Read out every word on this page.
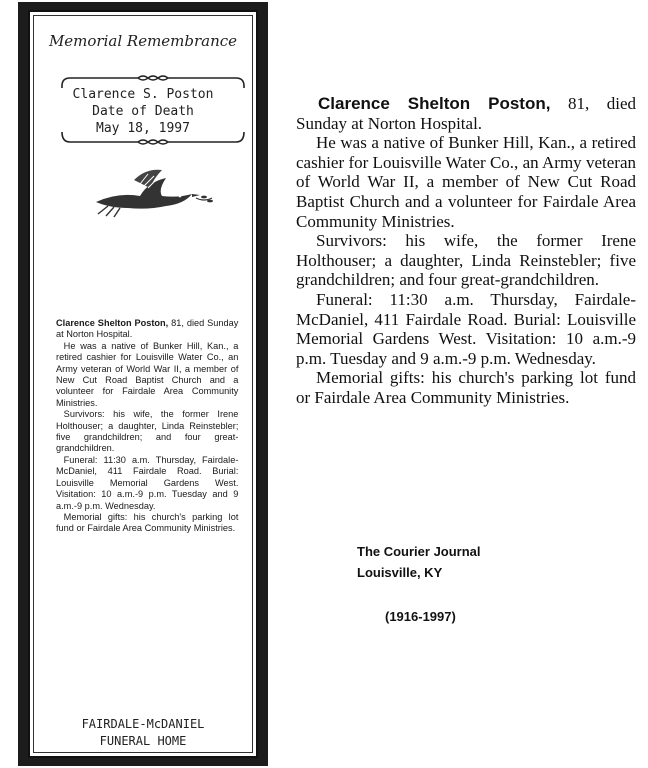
Memorial Remembrance
Clarence S. Poston
Date of Death
May 18, 1997

Clarence Shelton Poston, 81, died Sunday at Norton Hospital.

He was a native of Bunker Hill, Kan., a retired cashier for Louisville Water Co., an Army veteran of World War II, a member of New Cut Road Baptist Church and a volunteer for Fairdale Area Community Ministries.

Survivors: his wife, the former Irene Holthouser; a daughter, Linda Reinstebler; five grandchildren; and four great-grandchildren.

Funeral: 11:30 a.m. Thursday, Fairdale-McDaniel, 411 Fairdale Road. Burial: Louisville Memorial Gardens West. Visitation: 10 a.m.-9 p.m. Tuesday and 9 a.m.-9 p.m. Wednesday.

Memorial gifts: his church's parking lot fund or Fairdale Area Community Ministries.

FAIRDALE-McDANIEL
FUNERAL HOME

Clarence Shelton Poston, 81, died Sunday at Norton Hospital.

He was a native of Bunker Hill, Kan., a retired cashier for Louisville Water Co., an Army veteran of World War II, a member of New Cut Road Baptist Church and a volunteer for Fairdale Area Community Ministries.

Survivors: his wife, the former Irene Holthouser; a daughter, Linda Reinstebler; five grandchildren; and four great-grandchildren.

Funeral: 11:30 a.m. Thursday, Fairdale-McDaniel, 411 Fairdale Road. Burial: Louisville Memorial Gardens West. Visitation: 10 a.m.-9 p.m. Tuesday and 9 a.m.-9 p.m. Wednesday.

Memorial gifts: his church's parking lot fund or Fairdale Area Community Ministries.

The Courier Journal
Louisville, KY
(1916-1997)
